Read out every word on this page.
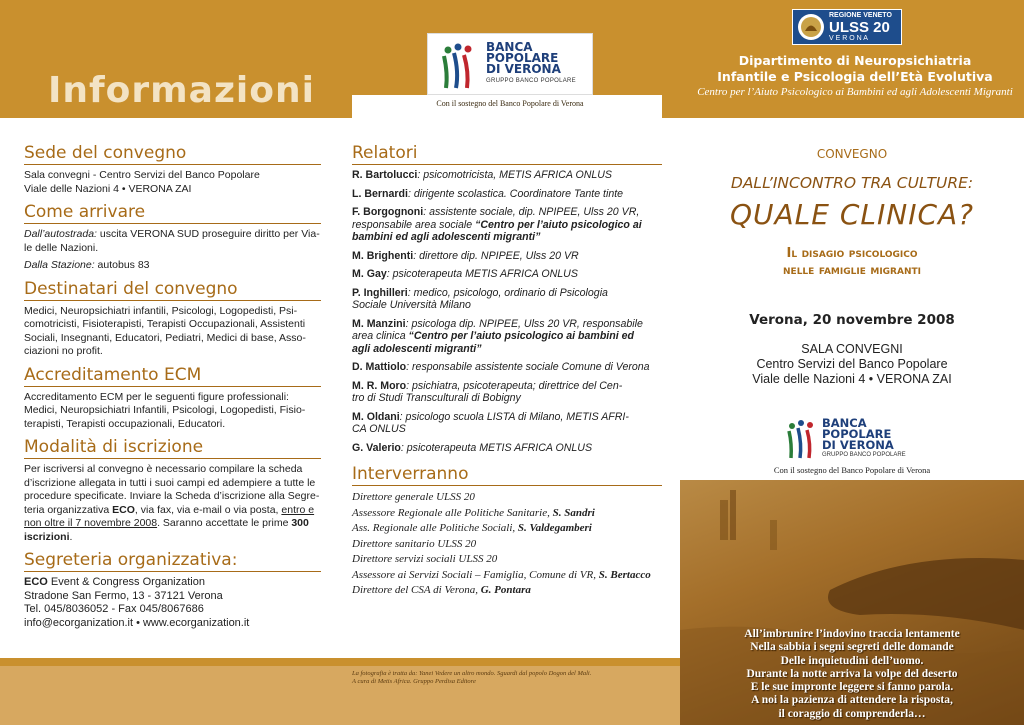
Informazioni
BANCA
POPOLARE
DI VERONA
GRUPPO BANCO POPOLARE
Con il sostegno del Banco Popolare di Verona
REGIONE VENETO
ULSS 20
V E R O N A
Dipartimento di Neuropsichiatria
Infantile e Psicologia dell’Età Evolutiva
Centro per l’Aiuto Psicologico ai Bambini ed agli Adolescenti Migranti
Sede del convegno
Sala convegni - Centro Servizi del Banco Popolare
Viale delle Nazioni 4 • VERONA ZAI
Come arrivare
Dall’autostrada: uscita VERONA SUD proseguire diritto per Via-
le delle Nazioni.
Dalla Stazione: autobus 83
Destinatari del convegno
Medici, Neuropsichiatri infantili, Psicologi, Logopedisti, Psi-
comotricisti, Fisioterapisti, Terapisti Occupazionali, Assistenti
Sociali, Insegnanti, Educatori, Pediatri, Medici di base, Asso-
ciazioni no profit.
Accreditamento ECM
Accreditamento ECM per le seguenti figure professionali:
Medici, Neuropsichiatri Infantili, Psicologi, Logopedisti, Fisio-
terapisti, Terapisti occupazionali, Educatori.
Modalità di iscrizione
Per iscriversi al convegno è necessario compilare la scheda
d’iscrizione allegata in tutti i suoi campi ed adempiere a tutte le
procedure specificate. Inviare la Scheda d’iscrizione alla Segre-
teria organizzativa ECO, via fax, via e-mail o via posta, entro e
non oltre il 7 novembre 2008. Saranno accettate le prime 300
iscrizioni.
Segreteria organizzativa:
ECO Event & Congress Organization
Stradone San Fermo, 13 - 37121 Verona
Tel. 045/8036052 - Fax 045/8067686
info@ecorganization.it • www.ecorganization.it
Relatori
R. Bartolucci: psicomotricista, METIS AFRICA ONLUS
L. Bernardi: dirigente scolastica. Coordinatore Tante tinte
F. Borgognoni: assistente sociale, dip. NPIPEE, Ulss 20 VR,
responsabile area sociale “Centro per l’aiuto psicologico ai
bambini ed agli adolescenti migranti”
M. Brighenti: direttore dip. NPIPEE, Ulss 20 VR
M. Gay: psicoterapeuta METIS AFRICA ONLUS
P. Inghilleri: medico, psicologo, ordinario di Psicologia
Sociale Università Milano
M. Manzini: psicologa dip. NPIPEE, Ulss 20 VR, responsabile
area clinica “Centro per l’aiuto psicologico ai bambini ed
agli adolescenti migranti”
D. Mattiolo: responsabile assistente sociale Comune di Verona
M. R. Moro: psichiatra, psicoterapeuta; direttrice del Cen-
tro di Studi Transculturali di Bobigny
M. Oldani: psicologo scuola LISTA di Milano, METIS AFRI-
CA ONLUS
G. Valerio: psicoterapeuta METIS AFRICA ONLUS
Interverranno
Direttore generale ULSS 20
Assessore Regionale alle Politiche Sanitarie, S. Sandri
Ass. Regionale alle Politiche Sociali, S. Valdegamberi
Direttore sanitario ULSS 20
Direttore servizi sociali ULSS 20
Assessore ai Servizi Sociali – Famiglia, Comune di VR, S. Bertacco
Direttore del CSA di Verona, G. Pontara
La fotografia è tratta da: Yanei Vedere un altro mondo. Sguardi dal popolo Dogon del Mali.
A cura di Metis Africa. Gruppo Perdisa Editore
CONVEGNO
DALL’INCONTRO TRA CULTURE:
QUALE CLINICA?
Il disagio psicologico
nelle famiglie migranti
Verona, 20 novembre 2008
SALA CONVEGNI
Centro Servizi del Banco Popolare
Viale delle Nazioni 4 • VERONA ZAI
BANCA
POPOLARE
DI VERONA
GRUPPO BANCO POPOLARE
Con il sostegno del Banco Popolare di Verona
All’imbrunire l’indovino traccia lentamente
Nella sabbia i segni segreti delle domande
Delle inquietudini dell’uomo.
Durante la notte arriva la volpe del deserto
E le sue impronte leggere si fanno parola.
A noi la pazienza di attendere la risposta,
il coraggio di comprenderla…
